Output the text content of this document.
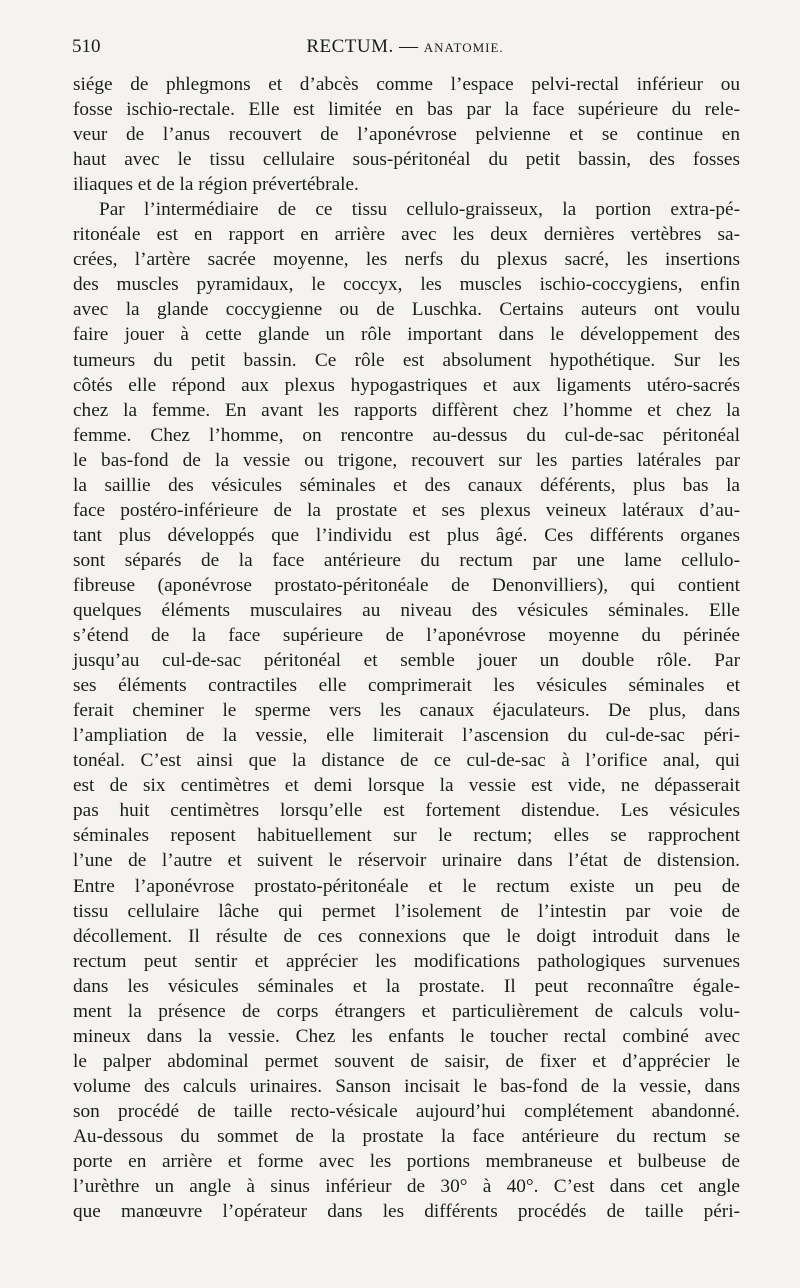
510	RECTUM. — ANATOMIE.

siége de phlegmons et d’abcès comme l’espace pelvi-rectal inférieur ou

fosse ischio-rectale. Elle est limitée en bas par la face supérieure du rele-

veur de l’anus recouvert de l’aponévrose pelvienne et se continue en

haut avec le tissu cellulaire sous-péritonéal du petit bassin, des fosses

iliaques et de la région prévertébrale.

Par l’intermédiaire de ce tissu cellulo-graisseux, la portion extra-pé-

ritonéale est en rapport en arrière avec les deux dernières vertèbres sa-

crées, l’artère sacrée moyenne, les nerfs du plexus sacré, les insertions

des muscles pyramidaux, le coccyx, les muscles ischio-coccygiens, enfin

avec la glande coccygienne ou de Luschka. Certains auteurs ont voulu

faire jouer à cette glande un rôle important dans le développement des

tumeurs du petit bassin. Ce rôle est absolument hypothétique. Sur les

côtés elle répond aux plexus hypogastriques et aux ligaments utéro-sacrés

chez la femme. En avant les rapports diffèrent chez l’homme et chez la

femme. Chez l’homme, on rencontre au-dessus du cul-de-sac péritonéal

le bas-fond de la vessie ou trigone, recouvert sur les parties latérales par

la saillie des vésicules séminales et des canaux déférents, plus bas la

face postéro-inférieure de la prostate et ses plexus veineux latéraux d’au-

tant plus développés que l’individu est plus âgé. Ces différents organes

sont séparés de la face antérieure du rectum par une lame cellulo-

fibreuse (aponévrose prostato-péritonéale de Denonvilliers), qui contient

quelques éléments musculaires au niveau des vésicules séminales. Elle

s’étend de la face supérieure de l’aponévrose moyenne du périnée

jusqu’au cul-de-sac péritonéal et semble jouer un double rôle. Par

ses éléments contractiles elle comprimerait les vésicules séminales et

ferait cheminer le sperme vers les canaux éjaculateurs. De plus, dans

l’ampliation de la vessie, elle limiterait l’ascension du cul-de-sac péri-

tonéal. C’est ainsi que la distance de ce cul-de-sac à l’orifice anal, qui

est de six centimètres et demi lorsque la vessie est vide, ne dépasserait

pas huit centimètres lorsqu’elle est fortement distendue. Les vésicules

séminales reposent habituellement sur le rectum; elles se rapprochent

l’une de l’autre et suivent le réservoir urinaire dans l’état de distension.

Entre l’aponévrose prostato-péritonéale et le rectum existe un peu de

tissu cellulaire lâche qui permet l’isolement de l’intestin par voie de

décollement. Il résulte de ces connexions que le doigt introduit dans le

rectum peut sentir et apprécier les modifications pathologiques survenues

dans les vésicules séminales et la prostate. Il peut reconnaître égale-

ment la présence de corps étrangers et particulièrement de calculs volu-

mineux dans la vessie. Chez les enfants le toucher rectal combiné avec

le palper abdominal permet souvent de saisir, de fixer et d’apprécier le

volume des calculs urinaires. Sanson incisait le bas-fond de la vessie, dans

son procédé de taille recto-vésicale aujourd’hui complétement abandonné.

Au-dessous du sommet de la prostate la face antérieure du rectum se

porte en arrière et forme avec les portions membraneuse et bulbeuse de

l’urèthre un angle à sinus inférieur de 30° à 40°. C’est dans cet angle

que manœuvre l’opérateur dans les différents procédés de taille péri-
